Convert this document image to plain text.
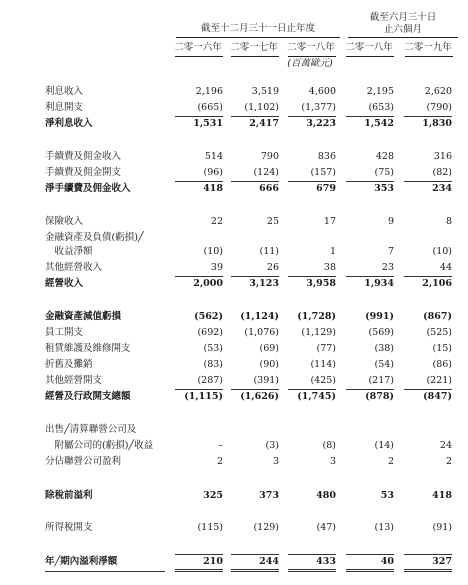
截至十二月三十一日止年度
截至六月三十日
止六個月
二零一六年 二零一七年 二零一八年 二零一八年 二零一九年
(百萬歐元)
利息收入	2,196	3,519	4,600	2,195	2,620
利息開支	(665)	(1,102)	(1,377)	(653)	(790)
淨利息收入	1,531	2,417	3,223	1,542	1,830
手續費及佣金收入	514	790	836	428	316
手續費及佣金開支	(96)	(124)	(157)	(75)	(82)
淨手續費及佣金收入	418	666	679	353	234
保險收入	22	25	17	9	8
金融資產及負債(虧損)╱
　收益淨額	(10)	(11)	1	7	(10)
其他經營收入	39	26	38	23	44
經營收入	2,000	3,123	3,958	1,934	2,106
金融資產減值虧損	(562)	(1,124)	(1,728)	(991)	(867)
員工開支	(692)	(1,076)	(1,129)	(569)	(525)
租賃維護及維修開支	(53)	(69)	(77)	(38)	(15)
折舊及攤銷	(83)	(90)	(114)	(54)	(86)
其他經營開支	(287)	(391)	(425)	(217)	(221)
經營及行政開支總額	(1,115)	(1,626)	(1,745)	(878)	(847)
出售╱清算聯營公司及
　附屬公司的(虧損)╱收益	–	(3)	(8)	(14)	24
分佔聯營公司盈利	2	3	3	2	2
除稅前溢利	325	373	480	53	418
所得稅開支	(115)	(129)	(47)	(13)	(91)
年╱期內溢利淨額	210	244	433	40	327
